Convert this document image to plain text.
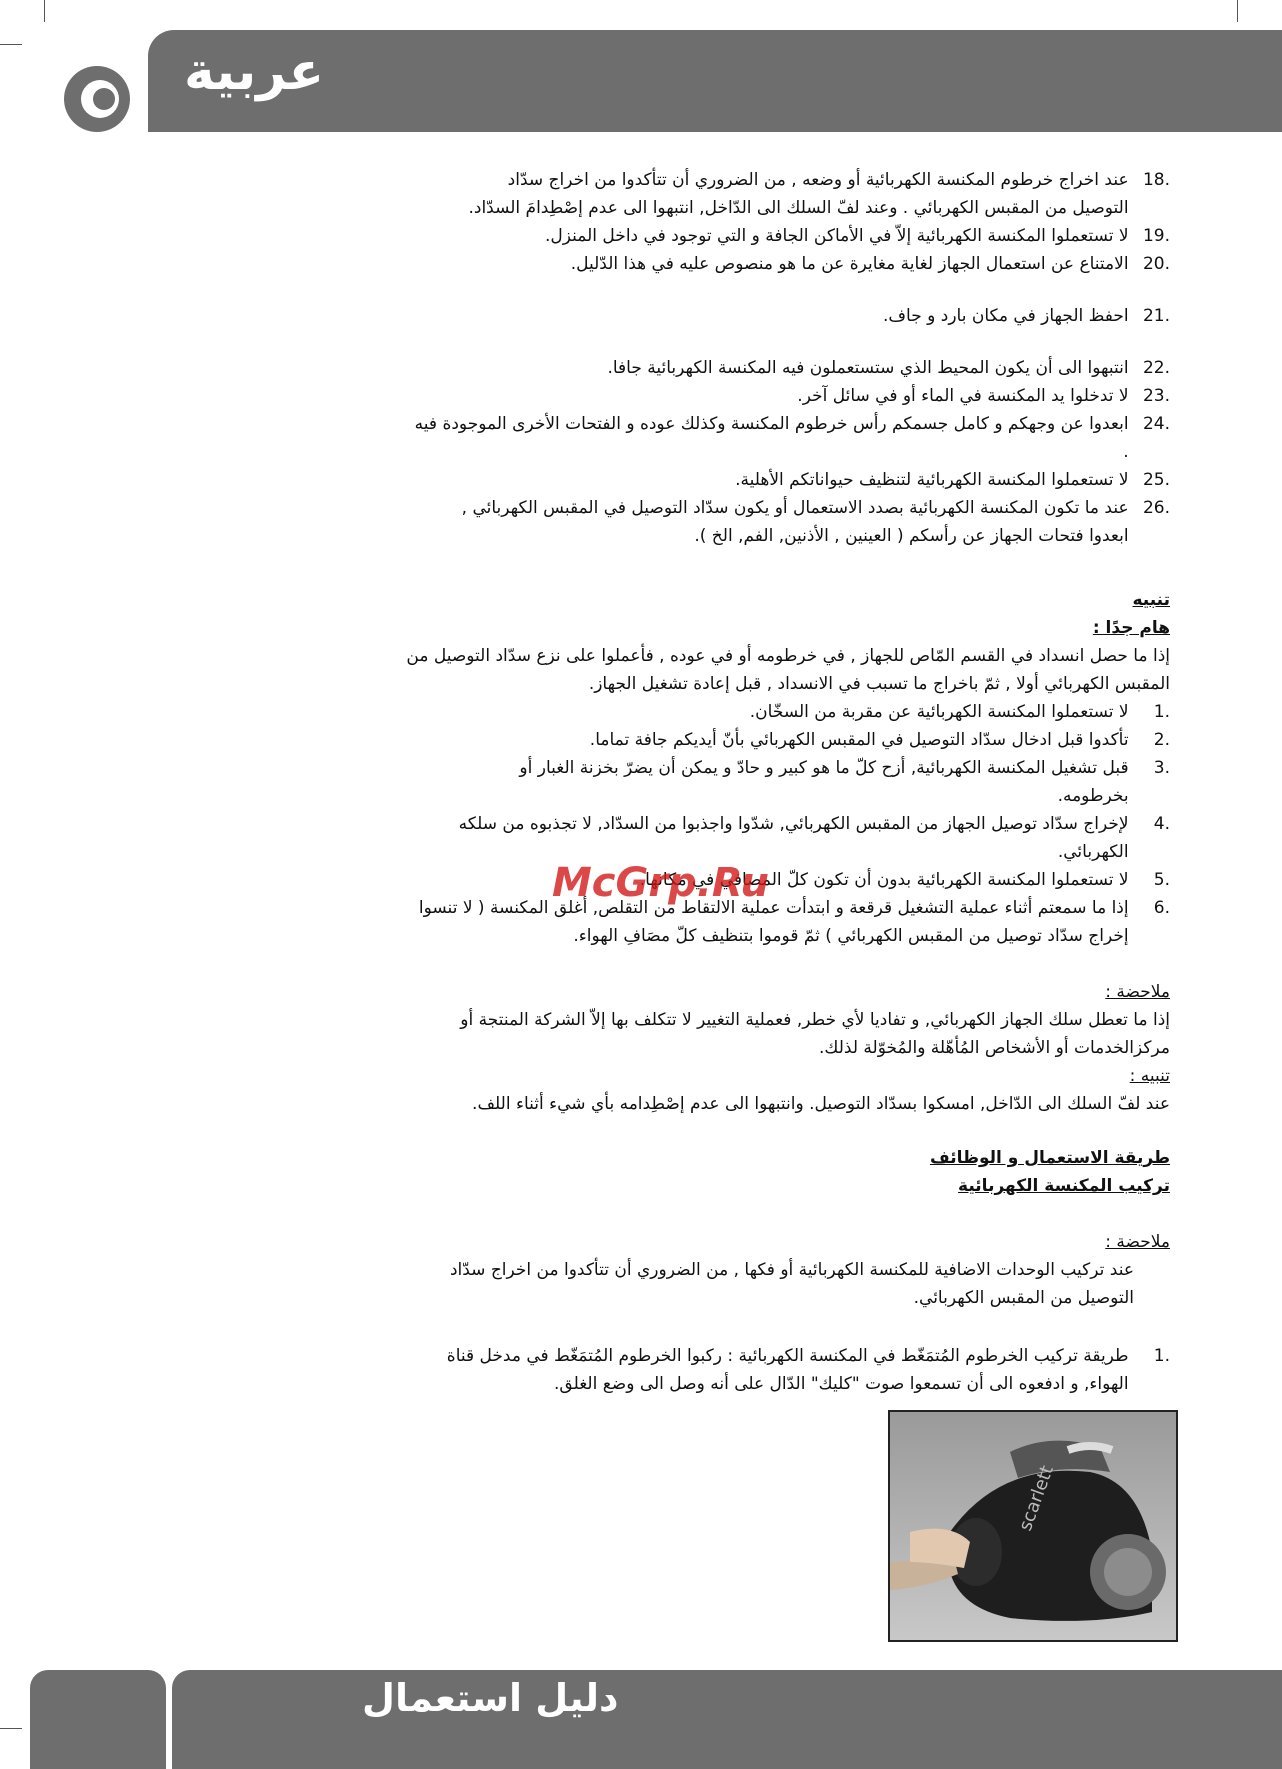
عربية
18. عند اخراج خرطوم المكنسة الكهربائية أو وضعه , من الضروري أن تتأكدوا من اخراج سدّاد
التوصيل من المقبس الكهربائي . وعند لفّ السلك الى الدّاخل, انتبهوا الى عدم إصْطِدامَ السدّاد.
19. لا تستعملوا المكنسة الكهربائية إلاّ في الأماكن الجافة و التي توجود في داخل المنزل.
20. الامتناع عن استعمال الجهاز لغاية مغايرة عن ما هو منصوص عليه في هذا الدّليل.
21. احفظ الجهاز في مكان بارد و جاف.
22. انتبهوا الى أن يكون المحيط الذي ستستعملون فيه المكنسة الكهربائية جافا.
23. لا تدخلوا يد المكنسة في الماء أو في سائل آخر.
24. ابعدوا عن وجهكم و كامل جسمكم رأس خرطوم المكنسة وكذلك عوده و الفتحات الأخرى الموجودة فيه
.
25. لا تستعملوا المكنسة الكهربائية لتنظيف حيواناتكم الأهلية.
26. عند ما تكون المكنسة الكهربائية بصدد الاستعمال أو يكون سدّاد التوصيل في المقبس الكهربائي ,
ابعدوا فتحات الجهاز عن رأسكم ( العينين , الأذنين, الفم, الخ ).
تنبيه
هام جدًا :
إذا ما حصل انسداد في القسم المّاص للجهاز , في خرطومه أو في عوده , فأعملوا على نزع سدّاد التوصيل من
المقبس الكهربائي أولا , ثمّ باخراج ما تسبب في الانسداد , قبل إعادة تشغيل الجهاز.
1. لا تستعملوا المكنسة الكهربائية عن مقربة من السخّان.
2. تأكدوا قبل ادخال سدّاد التوصيل في المقبس الكهربائي بأنّ أيديكم جافة تماما.
3. قبل تشغيل المكنسة الكهربائية, أزح كلّ ما هو كبير و حادّ و يمكن أن يضرّ بخزنة الغبار أو
بخرطومه.
4. لإخراج سدّاد توصيل الجهاز من المقبس الكهربائي, شدّوا واجذبوا من السدّاد, لا تجذبوه من سلكه
الكهربائي.
5. لا تستعملوا المكنسة الكهربائية بدون أن تكون كلّ المصافي في مكانها.
6. إذا ما سمعتم أثناء عملية التشغيل قرقعة و ابتدأت عملية الالتقاط من التقلص, أغلق المكنسة ( لا تنسوا
إخراج سدّاد توصيل من المقبس الكهربائي ) ثمّ قوموا بتنظيف كلّ مصَافِ الهواء.
ملاحضة :
إذا ما تعطل سلك الجهاز الكهربائي, و تفاديا لأي خطر, فعملية التغيير لا تتكلف بها إلاّ الشركة المنتجة أو
مركزالخدمات أو الأشخاص المُأهّلة والمُخوّلة لذلك.
تنبيه :
عند لفّ السلك الى الدّاخل, امسكوا بسدّاد التوصيل. وانتبهوا الى عدم إصْطِدامه بأي شيء أثناء اللف.
طريقة الاستعمال و الوظائف
تركيب المكنسة الكهربائية
ملاحضة :
عند تركيب الوحدات الاضافية للمكنسة الكهربائية أو فكها , من الضروري أن تتأكدوا من اخراج سدّاد
التوصيل من المقبس الكهربائي.
1. طريقة تركيب الخرطوم المُتمَغّط في المكنسة الكهربائية : ركبوا الخرطوم المُتمَغّط في مدخل قناة
الهواء, و ادفعوه الى أن تسمعوا صوت "كليك" الدّال على أنه وصل الى وضع الغلق.
McGrp.Ru
scarlett
دليل استعمال
